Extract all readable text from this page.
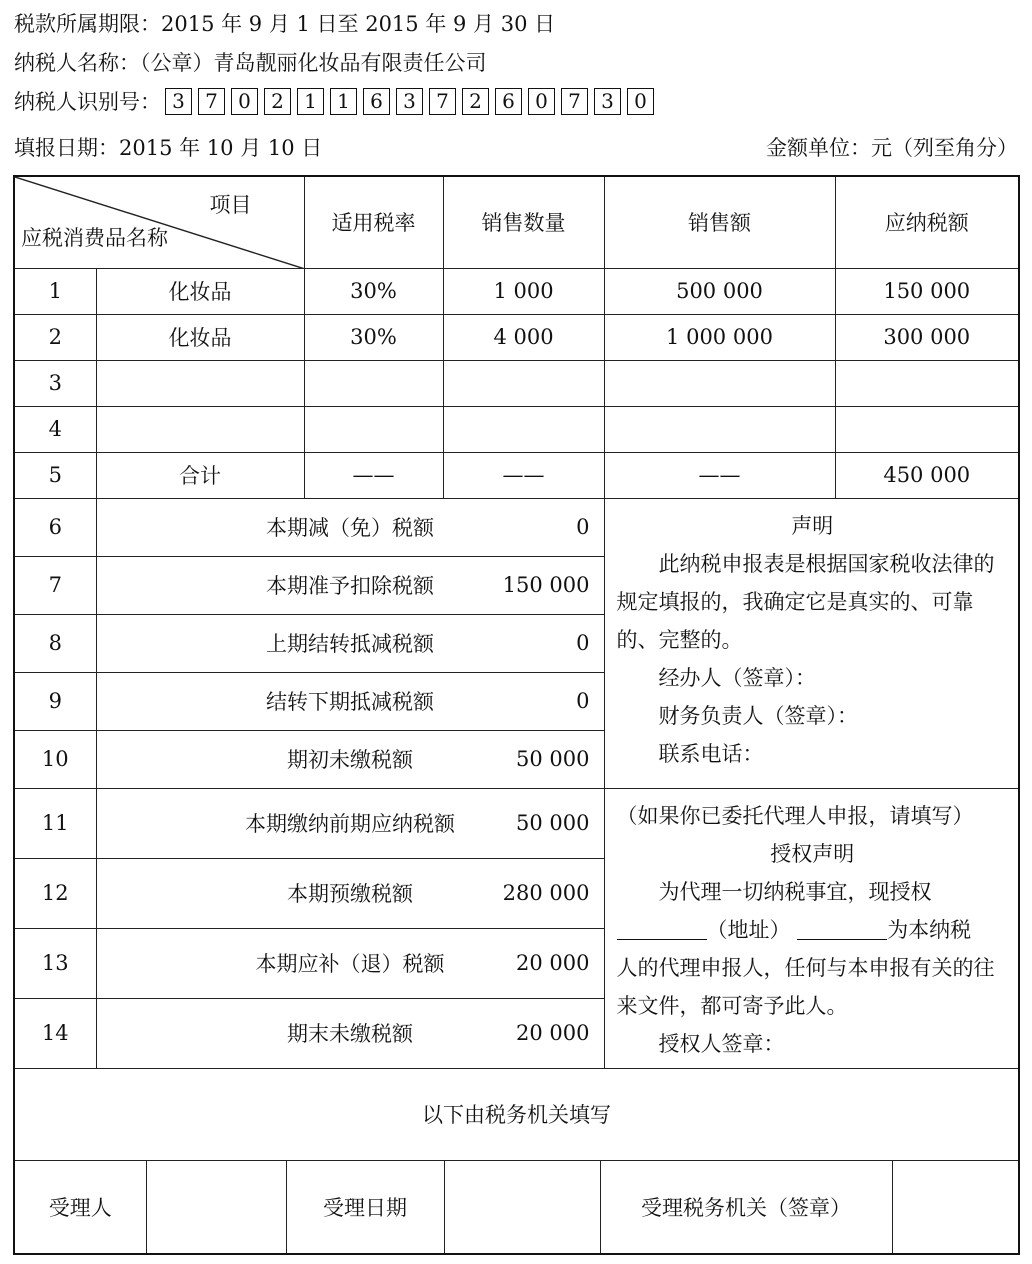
税款所属期限：2015 年 9 月 1 日至 2015 年 9 月 30 日
纳税人名称：（公章）青岛靓丽化妆品有限责任公司
纳税人识别号： 3	7	0	2	1	1	6	3	7	2	6	0	7	3	0
填报日期：2015 年 10 月 10 日	金额单位：元（列至角分）
项目
应税消费品名称
	适用税率	销售数量	销售额	应纳税额
1	化妆品	30%	1 000	500 000	150 000
2	化妆品	30%	4 000	1 000 000	300 000
3					
4					
5	合计	——	——	——	450 000
6	本期减（免）税额	0	声明

此纳税申报表是根据国家税收法律的规定填报的，我确定它是真实的、可靠的、完整的。

经办人（签章）：

财务负责人（签章）：

联系电话：

7	本期准予扣除税额	150 000

8	上期结转抵减税额	0

9	结转下期抵减税额	0

10	期初未缴税额	50 000

11	本期缴纳前期应纳税额	50 000	（如果你已委托代理人申报，请填写）

授权声明

为代理一切纳税事宜，现授权

（地址）	为本纳税

人的代理申报人，任何与本申报有关的往来文件，都可寄予此人。

授权人签章：

12	本期预缴税额	280 000

13	本期应补（退）税额	20 000

14	期末未缴税额	20 000

以下由税务机关填写

受理人		受理日期		受理税务机关（签章）	
